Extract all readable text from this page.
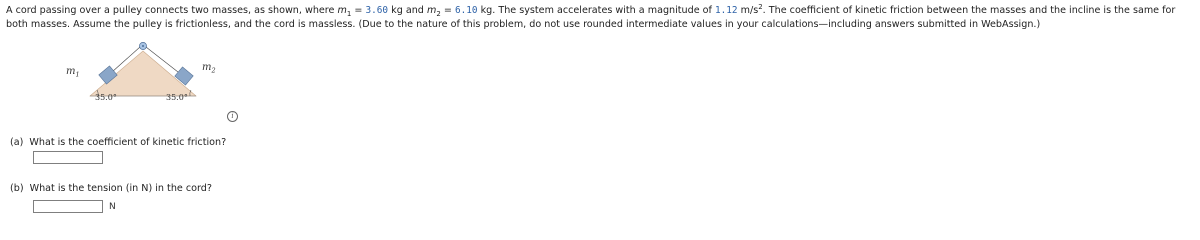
A cord passing over a pulley connects two masses, as shown, where $m_1 = 3.60$ kg and $m_2 = 6.10$ kg. The system accelerates with a magnitude of 1.12 $m/s^2$. The coefficient of kinetic friction between the masses and the incline is the same for both masses. Assume the pulley is frictionless, and the cord is massless. (Due to the nature of this problem, do not use rounded intermediate values in your calculations—including answers submitted in WebAssign.)

$m_1$
$m_2$
35.0°	35.0°
i
(a) What is the coefficient of kinetic friction?
(b) What is the tension (in N) in the cord?
N
